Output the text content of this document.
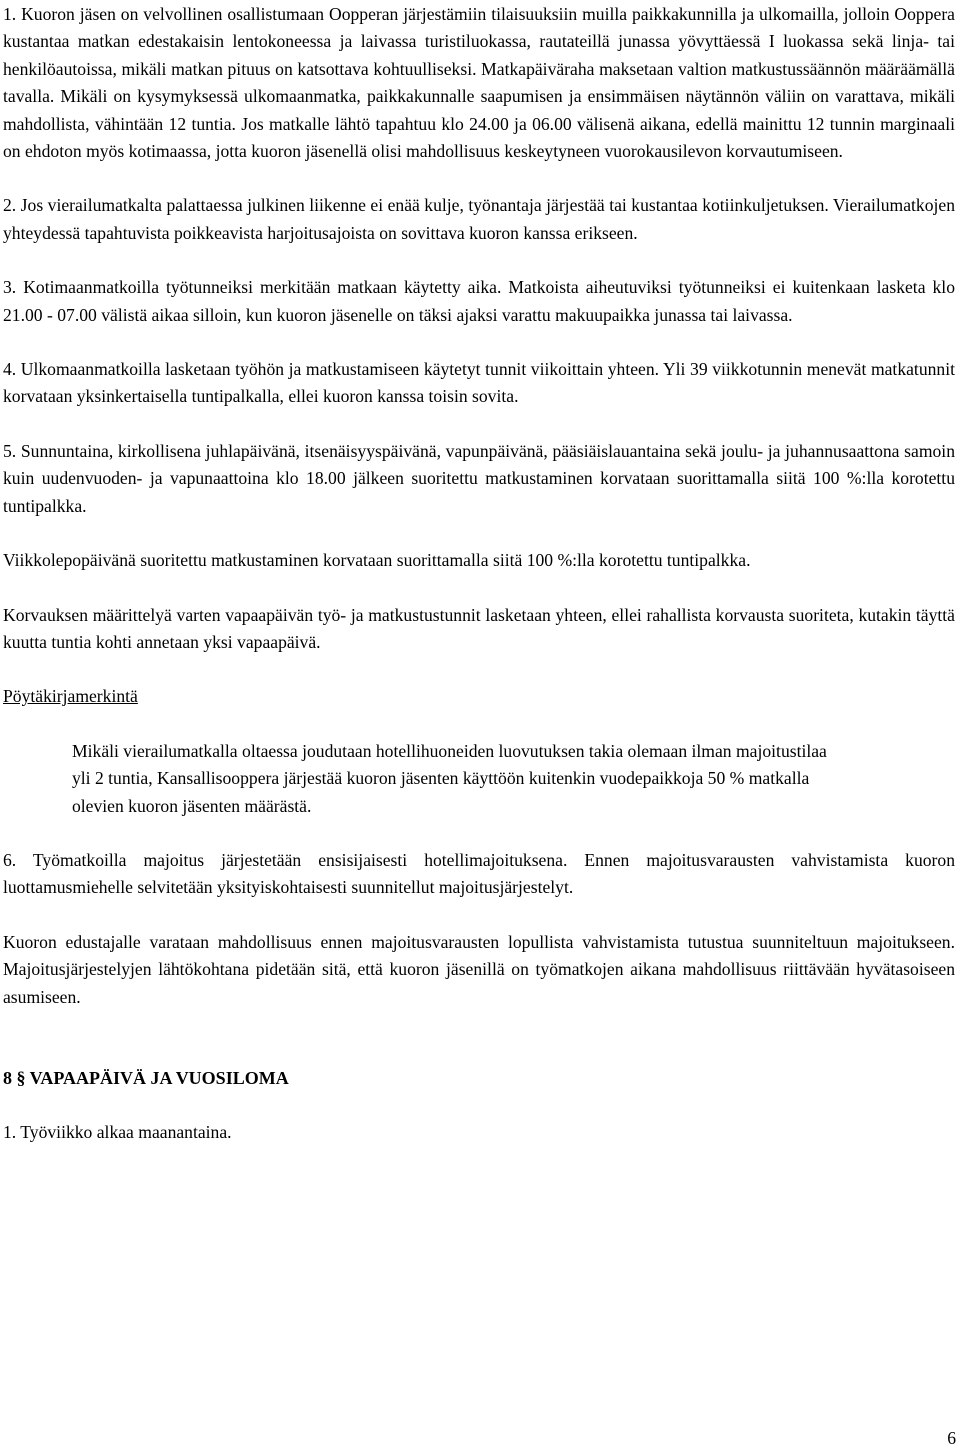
1. Kuoron jäsen on velvollinen osallistumaan Oopperan järjestämiin tilaisuuksiin muilla paikkakunnilla ja ulkomailla, jolloin Ooppera kustantaa matkan edestakaisin lentokoneessa ja laivassa turistiluokassa, rautateillä junassa yövyttäessä I luokassa sekä linja- tai henkilöautoissa, mikäli matkan pituus on katsottava kohtuulliseksi. Matkapäiväraha maksetaan valtion matkustussäännön määräämällä tavalla. Mikäli on kysymyksessä ulkomaanmatka, paikkakunnalle saapumisen ja ensimmäisen näytännön väliin on varattava, mikäli mahdollista, vähintään 12 tuntia. Jos matkalle lähtö tapahtuu klo 24.00 ja 06.00 välisenä aikana, edellä mainittu 12 tunnin marginaali on ehdoton myös kotimaassa, jotta kuoron jäsenellä olisi mahdollisuus keskeytyneen vuorokausilevon korvautumiseen.

2. Jos vierailumatkalta palattaessa julkinen liikenne ei enää kulje, työnantaja järjestää tai kustantaa kotiinkuljetuksen. Vierailumatkojen yhteydessä tapahtuvista poikkeavista harjoitusajoista on sovittava kuoron kanssa erikseen.

3. Kotimaanmatkoilla työtunneiksi merkitään matkaan käytetty aika. Matkoista aiheutuviksi työtunneiksi ei kuitenkaan lasketa klo 21.00 - 07.00 välistä aikaa silloin, kun kuoron jäsenelle on täksi ajaksi varattu makuupaikka junassa tai laivassa.

4. Ulkomaanmatkoilla lasketaan työhön ja matkustamiseen käytetyt tunnit viikoittain yhteen. Yli 39 viikkotunnin menevät matkatunnit korvataan yksinkertaisella tuntipalkalla, ellei kuoron kanssa toisin sovita.

5. Sunnuntaina, kirkollisena juhlapäivänä, itsenäisyyspäivänä, vapunpäivänä, pääsiäislauantaina sekä joulu- ja juhannusaattona samoin kuin uudenvuoden- ja vapunaattoina klo 18.00 jälkeen suoritettu matkustaminen korvataan suorittamalla siitä 100 %:lla korotettu tuntipalkka.

Viikkolepopäivänä suoritettu matkustaminen korvataan suorittamalla siitä 100 %:lla korotettu tuntipalkka.

Korvauksen määrittelyä varten vapaapäivän työ- ja matkustustunnit lasketaan yhteen, ellei rahallista korvausta suoriteta, kutakin täyttä kuutta tuntia kohti annetaan yksi vapaapäivä.

Pöytäkirjamerkintä

Mikäli vierailumatkalla oltaessa joudutaan hotellihuoneiden luovutuksen takia olemaan ilman majoitustilaa yli 2 tuntia, Kansallisooppera järjestää kuoron jäsenten käyttöön kuitenkin vuodepaikkoja 50 % matkalla olevien kuoron jäsenten määrästä.

6. Työmatkoilla majoitus järjestetään ensisijaisesti hotellimajoituksena. Ennen majoitusvarausten vahvistamista kuoron luottamusmiehelle selvitetään yksityiskohtaisesti suunnitellut majoitusjärjestelyt.

Kuoron edustajalle varataan mahdollisuus ennen majoitusvarausten lopullista vahvistamista tutustua suunniteltuun majoitukseen. Majoitusjärjestelyjen lähtökohtana pidetään sitä, että kuoron jäsenillä on työmatkojen aikana mahdollisuus riittävään hyvätasoiseen asumiseen.

8 § VAPAAPÄIVÄ JA VUOSILOMA

1. Työviikko alkaa maanantaina.

6
